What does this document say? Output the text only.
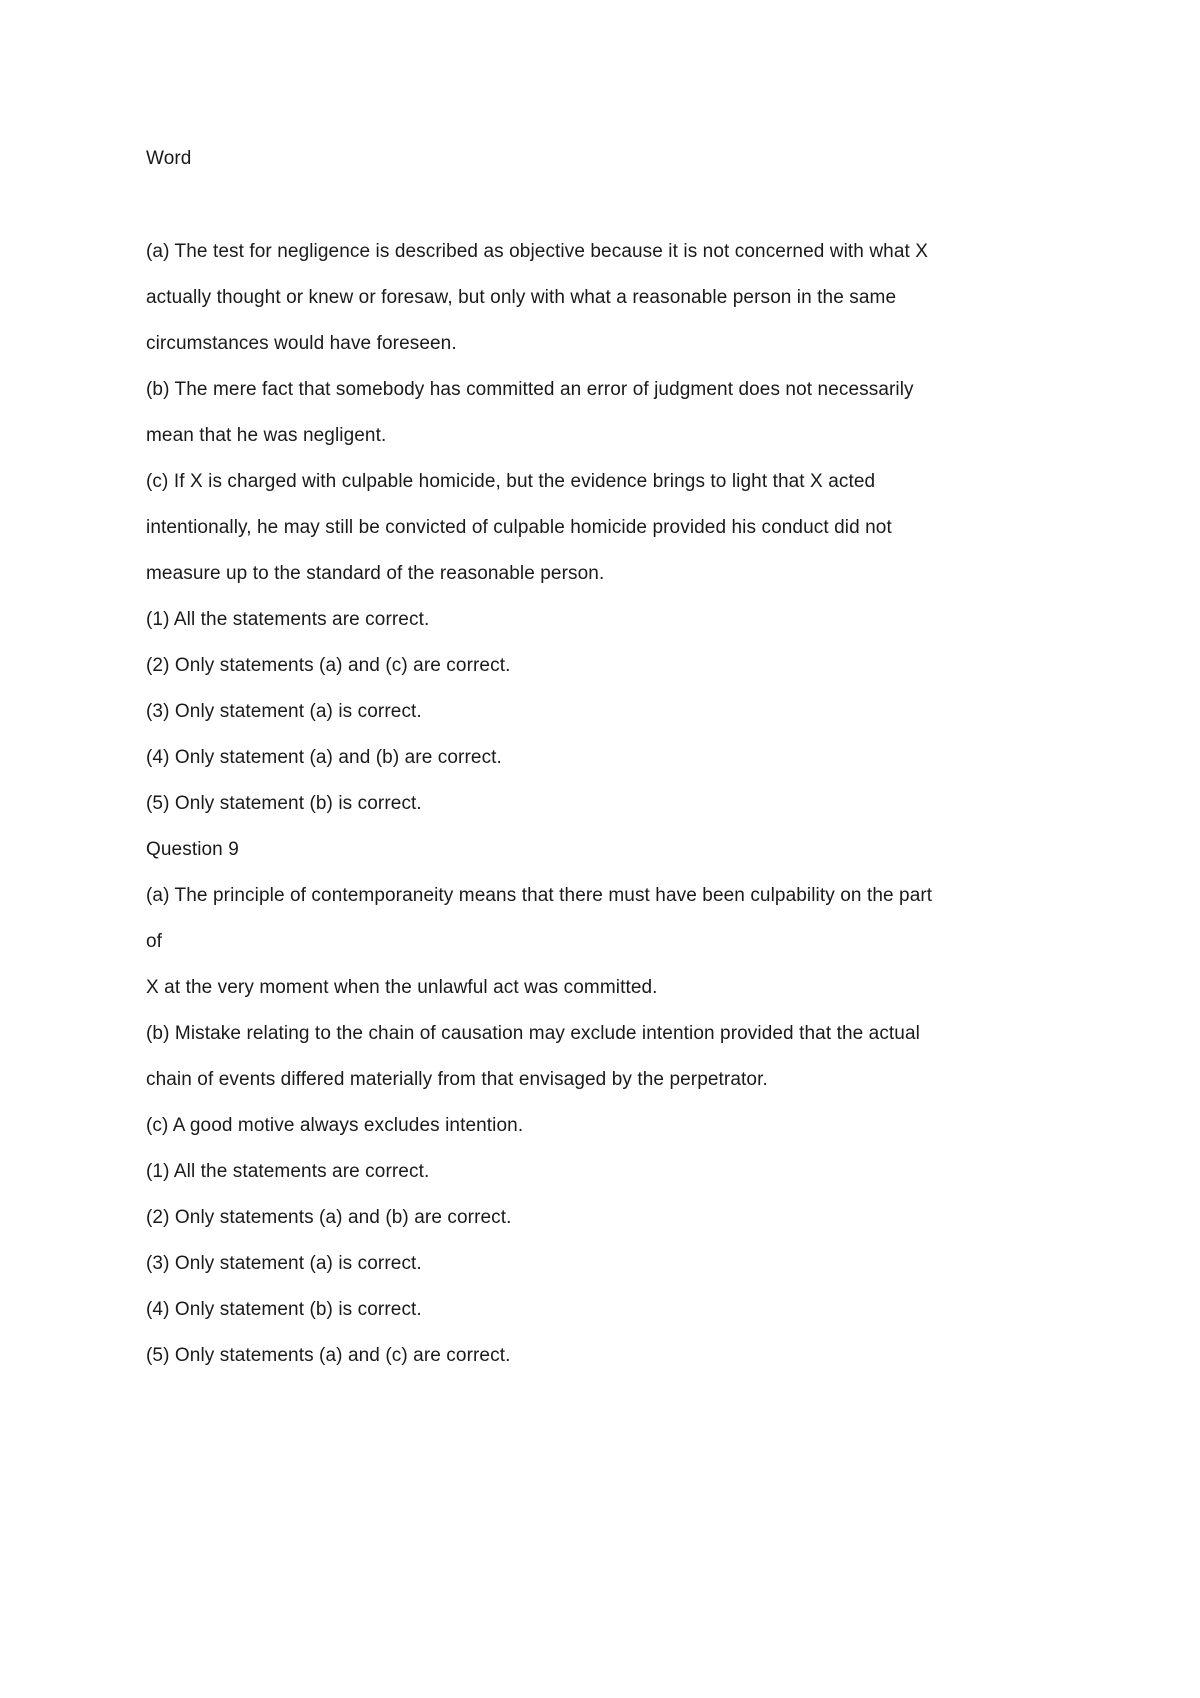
Word
(a) The test for negligence is described as objective because it is not concerned with what X
actually thought or knew or foresaw, but only with what a reasonable person in the same
circumstances would have foreseen.
(b) The mere fact that somebody has committed an error of judgment does not necessarily
mean that he was negligent.
(c) If X is charged with culpable homicide, but the evidence brings to light that X acted
intentionally, he may still be convicted of culpable homicide provided his conduct did not
measure up to the standard of the reasonable person.
(1) All the statements are correct.
(2) Only statements (a) and (c) are correct.
(3) Only statement (a) is correct.
(4) Only statement (a) and (b) are correct.
(5) Only statement (b) is correct.
Question 9
(a) The principle of contemporaneity means that there must have been culpability on the part
of
X at the very moment when the unlawful act was committed.
(b) Mistake relating to the chain of causation may exclude intention provided that the actual
chain of events differed materially from that envisaged by the perpetrator.
(c) A good motive always excludes intention.
(1) All the statements are correct.
(2) Only statements (a) and (b) are correct.
(3) Only statement (a) is correct.
(4) Only statement (b) is correct.
(5) Only statements (a) and (c) are correct.
